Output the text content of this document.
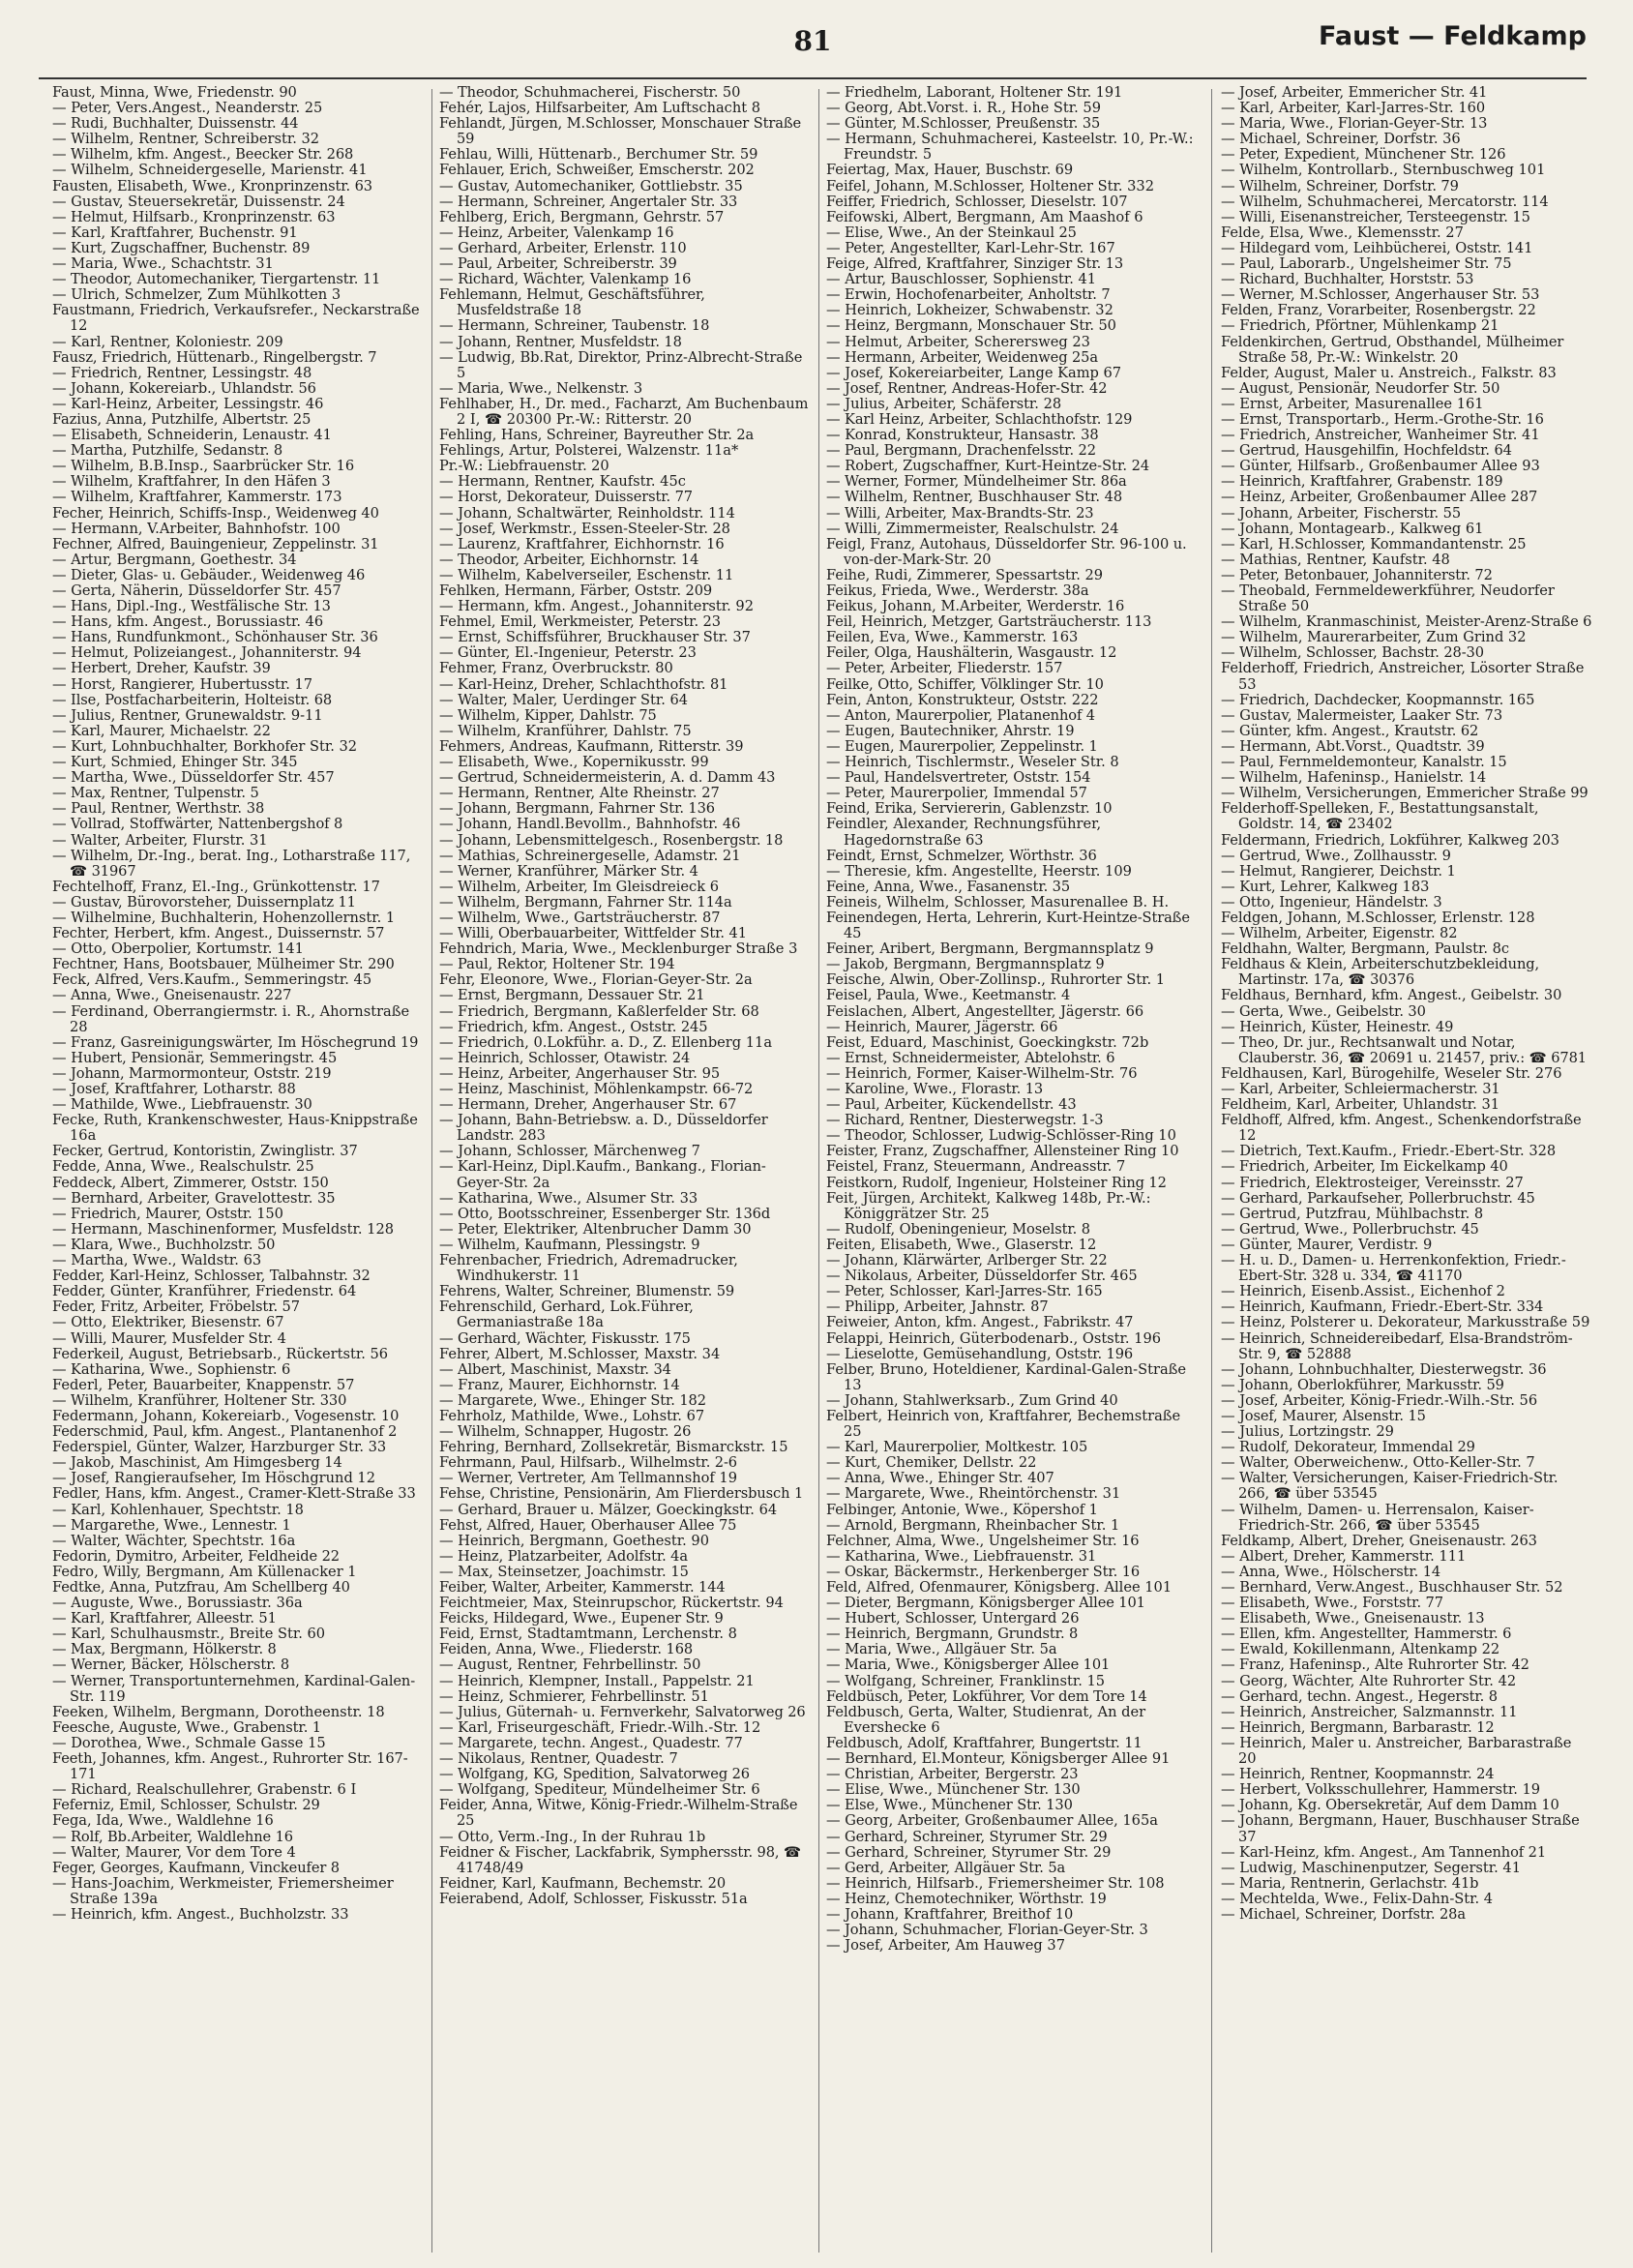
81	Faust — Feldkamp
Faust, Minna, Wwe, Friedenstr. 90
— Peter, Vers.Angest., Neanderstr. 25
— Rudi, Buchhalter, Duissenstr. 44
— Wilhelm, Rentner, Schreiberstr. 32
— Wilhelm, kfm. Angest., Beecker Str. 268
— Wilhelm, Schneidergeselle, Marienstr. 41
Fausten, Elisabeth, Wwe., Kronprinzenstr. 63
— Gustav, Steuersekretär, Duissenstr. 24
— Helmut, Hilfsarb., Kronprinzenstr. 63
— Karl, Kraftfahrer, Buchenstr. 91
— Kurt, Zugschaffner, Buchenstr. 89
— Maria, Wwe., Schachtstr. 31
— Theodor, Automechaniker, Tiergartenstr. 11
— Ulrich, Schmelzer, Zum Mühlkotten 3
Faustmann, Friedrich, Verkaufsrefer., Neckarstraße 12
— Karl, Rentner, Koloniestr. 209
Fausz, Friedrich, Hüttenarb., Ringelbergstr. 7
— Friedrich, Rentner, Lessingstr. 48
— Johann, Kokereiarb., Uhlandstr. 56
— Karl-Heinz, Arbeiter, Lessingstr. 46
Fazius, Anna, Putzhilfe, Albertstr. 25
— Elisabeth, Schneiderin, Lenaustr. 41
— Martha, Putzhilfe, Sedanstr. 8
— Wilhelm, B.B.Insp., Saarbrücker Str. 16
— Wilhelm, Kraftfahrer, In den Häfen 3
— Wilhelm, Kraftfahrer, Kammerstr. 173
Fecher, Heinrich, Schiffs-Insp., Weidenweg 40
— Hermann, V.Arbeiter, Bahnhofstr. 100
Fechner, Alfred, Bauingenieur, Zeppelinstr. 31
— Artur, Bergmann, Goethestr. 34
— Dieter, Glas- u. Gebäuder., Weidenweg 46
— Gerta, Näherin, Düsseldorfer Str. 457
— Hans, Dipl.-Ing., Westfälische Str. 13
— Hans, kfm. Angest., Borussiastr. 46
— Hans, Rundfunkmont., Schönhauser Str. 36
— Helmut, Polizeiangest., Johanniterstr. 94
— Herbert, Dreher, Kaufstr. 39
— Horst, Rangierer, Hubertusstr. 17
— Ilse, Postfacharbeiterin, Holteistr. 68
— Julius, Rentner, Grunewaldstr. 9-11
— Karl, Maurer, Michaelstr. 22
— Kurt, Lohnbuchhalter, Borkhofer Str. 32
— Kurt, Schmied, Ehinger Str. 345
— Martha, Wwe., Düsseldorfer Str. 457
— Max, Rentner, Tulpenstr. 5
— Paul, Rentner, Werthstr. 38
— Vollrad, Stoffwärter, Nattenbergshof 8
— Walter, Arbeiter, Flurstr. 31
— Wilhelm, Dr.-Ing., berat. Ing., Lotharstraße 117, ☎ 31967
Fechtelhoff, Franz, El.-Ing., Grünkottenstr. 17
— Gustav, Bürovorsteher, Duissernplatz 11
— Wilhelmine, Buchhalterin, Hohenzollernstr. 1
Fechter, Herbert, kfm. Angest., Duissernstr. 57
— Otto, Oberpolier, Kortumstr. 141
Fechtner, Hans, Bootsbauer, Mülheimer Str. 290
Feck, Alfred, Vers.Kaufm., Semmeringstr. 45
— Anna, Wwe., Gneisenaustr. 227
— Ferdinand, Oberrangiermstr. i. R., Ahornstraße 28
— Franz, Gasreinigungswärter, Im Höschegrund 19
— Hubert, Pensionär, Semmeringstr. 45
— Johann, Marmormonteur, Oststr. 219
— Josef, Kraftfahrer, Lotharstr. 88
— Mathilde, Wwe., Liebfrauenstr. 30
Fecke, Ruth, Krankenschwester, Haus-Knippstraße 16a
Fecker, Gertrud, Kontoristin, Zwinglistr. 37
Fedde, Anna, Wwe., Realschulstr. 25
Feddeck, Albert, Zimmerer, Oststr. 150
— Bernhard, Arbeiter, Gravelottestr. 35
— Friedrich, Maurer, Oststr. 150
— Hermann, Maschinenformer, Musfeldstr. 128
— Klara, Wwe., Buchholzstr. 50
— Martha, Wwe., Waldstr. 63
Fedder, Karl-Heinz, Schlosser, Talbahnstr. 32
Fedder, Günter, Kranführer, Friedenstr. 64
Feder, Fritz, Arbeiter, Fröbelstr. 57
— Otto, Elektriker, Biesenstr. 67
— Willi, Maurer, Musfelder Str. 4
Federkeil, August, Betriebsarb., Rückertstr. 56
— Katharina, Wwe., Sophienstr. 6
Federl, Peter, Bauarbeiter, Knappenstr. 57
— Wilhelm, Kranführer, Holtener Str. 330
Federmann, Johann, Kokereiarb., Vogesenstr. 10
Federschmid, Paul, kfm. Angest., Plantanenhof 2
Federspiel, Günter, Walzer, Harzburger Str. 33
— Jakob, Maschinist, Am Himgesberg 14
— Josef, Rangieraufseher, Im Höschgrund 12
Fedler, Hans, kfm. Angest., Cramer-Klett-Straße 33
— Karl, Kohlenhauer, Spechtstr. 18
— Margarethe, Wwe., Lennestr. 1
— Walter, Wächter, Spechtstr. 16a
Fedorin, Dymitro, Arbeiter, Feldheide 22
Fedro, Willy, Bergmann, Am Küllenacker 1
Fedtke, Anna, Putzfrau, Am Schellberg 40
— Auguste, Wwe., Borussiastr. 36a
— Karl, Kraftfahrer, Alleestr. 51
— Karl, Schulhausmstr., Breite Str. 60
— Max, Bergmann, Hölkerstr. 8
— Werner, Bäcker, Hölscherstr. 8
— Werner, Transportunternehmen, Kardinal-Galen-Str. 119
Feeken, Wilhelm, Bergmann, Dorotheenstr. 18
Feesche, Auguste, Wwe., Grabenstr. 1
— Dorothea, Wwe., Schmale Gasse 15
Feeth, Johannes, kfm. Angest., Ruhrorter Str. 167-171
— Richard, Realschullehrer, Grabenstr. 6 I
Feferniz, Emil, Schlosser, Schulstr. 29
Fega, Ida, Wwe., Waldlehne 16
— Rolf, Bb.Arbeiter, Waldlehne 16
— Walter, Maurer, Vor dem Tore 4
Feger, Georges, Kaufmann, Vinckeufer 8
— Hans-Joachim, Werkmeister, Friemersheimer Straße 139a
— Heinrich, kfm. Angest., Buchholzstr. 33
— Theodor, Schuhmacherei, Fischerstr. 50
Fehér, Lajos, Hilfsarbeiter, Am Luftschacht 8
Fehlandt, Jürgen, M.Schlosser, Monschauer Straße 59
Fehlau, Willi, Hüttenarb., Berchumer Str. 59
Fehlauer, Erich, Schweißer, Emscherstr. 202
— Gustav, Automechaniker, Gottliebstr. 35
— Hermann, Schreiner, Angertaler Str. 33
Fehlberg, Erich, Bergmann, Gehrstr. 57
— Heinz, Arbeiter, Valenkamp 16
— Gerhard, Arbeiter, Erlenstr. 110
— Paul, Arbeiter, Schreiberstr. 39
— Richard, Wächter, Valenkamp 16
Fehlemann, Helmut, Geschäftsführer, Musfeldstraße 18
— Hermann, Schreiner, Taubenstr. 18
— Johann, Rentner, Musfeldstr. 18
— Ludwig, Bb.Rat, Direktor, Prinz-Albrecht-Straße 5
— Maria, Wwe., Nelkenstr. 3
Fehlhaber, H., Dr. med., Facharzt, Am Buchenbaum 2 I, ☎ 20300 Pr.-W.: Ritterstr. 20
Fehling, Hans, Schreiner, Bayreuther Str. 2a
Fehlings, Artur, Polsterei, Walzenstr. 11a*
Pr.-W.: Liebfrauenstr. 20
— Hermann, Rentner, Kaufstr. 45c
— Horst, Dekorateur, Duisserstr. 77
— Johann, Schaltwärter, Reinholdstr. 114
— Josef, Werkmstr., Essen-Steeler-Str. 28
— Laurenz, Kraftfahrer, Eichhornstr. 16
— Theodor, Arbeiter, Eichhornstr. 14
— Wilhelm, Kabelverseiler, Eschenstr. 11
Fehlken, Hermann, Färber, Oststr. 209
— Hermann, kfm. Angest., Johanniterstr. 92
Fehmel, Emil, Werkmeister, Peterstr. 23
— Ernst, Schiffsführer, Bruckhauser Str. 37
— Günter, El.-Ingenieur, Peterstr. 23
Fehmer, Franz, Overbruckstr. 80
— Karl-Heinz, Dreher, Schlachthofstr. 81
— Walter, Maler, Uerdinger Str. 64
— Wilhelm, Kipper, Dahlstr. 75
— Wilhelm, Kranführer, Dahlstr. 75
Fehmers, Andreas, Kaufmann, Ritterstr. 39
— Elisabeth, Wwe., Kopernikusstr. 99
— Gertrud, Schneidermeisterin, A. d. Damm 43
— Hermann, Rentner, Alte Rheinstr. 27
— Johann, Bergmann, Fahrner Str. 136
— Johann, Handl.Bevollm., Bahnhofstr. 46
— Johann, Lebensmittelgesch., Rosenbergstr. 18
— Mathias, Schreinergeselle, Adamstr. 21
— Werner, Kranführer, Märker Str. 4
— Wilhelm, Arbeiter, Im Gleisdreieck 6
— Wilhelm, Bergmann, Fahrner Str. 114a
— Wilhelm, Wwe., Gartsträucherstr. 87
— Willi, Oberbauarbeiter, Wittfelder Str. 41
Fehndrich, Maria, Wwe., Mecklenburger Straße 3
— Paul, Rektor, Holtener Str. 194
Fehr, Eleonore, Wwe., Florian-Geyer-Str. 2a
— Ernst, Bergmann, Dessauer Str. 21
— Friedrich, Bergmann, Kaßlerfelder Str. 68
— Friedrich, kfm. Angest., Oststr. 245
— Friedrich, 0.Lokführ. a. D., Z. Ellenberg 11a
— Heinrich, Schlosser, Otawistr. 24
— Heinz, Arbeiter, Angerhauser Str. 95
— Heinz, Maschinist, Möhlenkampstr. 66-72
— Hermann, Dreher, Angerhauser Str. 67
— Johann, Bahn-Betriebsw. a. D., Düsseldorfer Landstr. 283
— Johann, Schlosser, Märchenweg 7
— Karl-Heinz, Dipl.Kaufm., Bankang., Florian-Geyer-Str. 2a
— Katharina, Wwe., Alsumer Str. 33
— Otto, Bootsschreiner, Essenberger Str. 136d
— Peter, Elektriker, Altenbrucher Damm 30
— Wilhelm, Kaufmann, Plessingstr. 9
Fehrenbacher, Friedrich, Adremadrucker, Windhukerstr. 11
Fehrens, Walter, Schreiner, Blumenstr. 59
Fehrenschild, Gerhard, Lok.Führer, Germaniastraße 18a
— Gerhard, Wächter, Fiskusstr. 175
Fehrer, Albert, M.Schlosser, Maxstr. 34
— Albert, Maschinist, Maxstr. 34
— Franz, Maurer, Eichhornstr. 14
— Margarete, Wwe., Ehinger Str. 182
Fehrholz, Mathilde, Wwe., Lohstr. 67
— Wilhelm, Schnapper, Hugostr. 26
Fehring, Bernhard, Zollsekretär, Bismarckstr. 15
Fehrmann, Paul, Hilfsarb., Wilhelmstr. 2-6
— Werner, Vertreter, Am Tellmannshof 19
Fehse, Christine, Pensionärin, Am Flierdersbusch 1
— Gerhard, Brauer u. Mälzer, Goeckingkstr. 64
Fehst, Alfred, Hauer, Oberhauser Allee 75
— Heinrich, Bergmann, Goethestr. 90
— Heinz, Platzarbeiter, Adolfstr. 4a
— Max, Steinsetzer, Joachimstr. 15
Feiber, Walter, Arbeiter, Kammerstr. 144
Feichtmeier, Max, Steinrupschor, Rückertstr. 94
Feicks, Hildegard, Wwe., Eupener Str. 9
Feid, Ernst, Stadtamtmann, Lerchenstr. 8
Feiden, Anna, Wwe., Fliederstr. 168
— August, Rentner, Fehrbellinstr. 50
— Heinrich, Klempner, Install., Pappelstr. 21
— Heinz, Schmierer, Fehrbellinstr. 51
— Julius, Güternah- u. Fernverkehr, Salvatorweg 26
— Karl, Friseurgeschäft, Friedr.-Wilh.-Str. 12
— Margarete, techn. Angest., Quadestr. 77
— Nikolaus, Rentner, Quadestr. 7
— Wolfgang, KG, Spedition, Salvatorweg 26
— Wolfgang, Spediteur, Mündelheimer Str. 6
Feider, Anna, Witwe, König-Friedr.-Wilhelm-Straße 25
— Otto, Verm.-Ing., In der Ruhrau 1b
Feidner & Fischer, Lackfabrik, Symphersstr. 98, ☎ 41748/49
Feidner, Karl, Kaufmann, Bechemstr. 20
Feierabend, Adolf, Schlosser, Fiskusstr. 51a
— Friedhelm, Laborant, Holtener Str. 191
— Georg, Abt.Vorst. i. R., Hohe Str. 59
— Günter, M.Schlosser, Preußenstr. 35
— Hermann, Schuhmacherei, Kasteelstr. 10, Pr.-W.: Freundstr. 5
Feiertag, Max, Hauer, Buschstr. 69
Feifel, Johann, M.Schlosser, Holtener Str. 332
Feiffer, Friedrich, Schlosser, Dieselstr. 107
Feifowski, Albert, Bergmann, Am Maashof 6
— Elise, Wwe., An der Steinkaul 25
— Peter, Angestellter, Karl-Lehr-Str. 167
Feige, Alfred, Kraftfahrer, Sinziger Str. 13
— Artur, Bauschlosser, Sophienstr. 41
— Erwin, Hochofenarbeiter, Anholtstr. 7
— Heinrich, Lokheizer, Schwabenstr. 32
— Heinz, Bergmann, Monschauer Str. 50
— Helmut, Arbeiter, Scherersweg 23
— Hermann, Arbeiter, Weidenweg 25a
— Josef, Kokereiarbeiter, Lange Kamp 67
— Josef, Rentner, Andreas-Hofer-Str. 42
— Julius, Arbeiter, Schäferstr. 28
— Karl Heinz, Arbeiter, Schlachthofstr. 129
— Konrad, Konstrukteur, Hansastr. 38
— Paul, Bergmann, Drachenfelsstr. 22
— Robert, Zugschaffner, Kurt-Heintze-Str. 24
— Werner, Former, Mündelheimer Str. 86a
— Wilhelm, Rentner, Buschhauser Str. 48
— Willi, Arbeiter, Max-Brandts-Str. 23
— Willi, Zimmermeister, Realschulstr. 24
Feigl, Franz, Autohaus, Düsseldorfer Str. 96-100 u. von-der-Mark-Str. 20
Feihe, Rudi, Zimmerer, Spessartstr. 29
Feikus, Frieda, Wwe., Werderstr. 38a
Feikus, Johann, M.Arbeiter, Werderstr. 16
Feil, Heinrich, Metzger, Gartsträucherstr. 113
Feilen, Eva, Wwe., Kammerstr. 163
Feiler, Olga, Haushälterin, Wasgaustr. 12
— Peter, Arbeiter, Fliederstr. 157
Feilke, Otto, Schiffer, Völklinger Str. 10
Fein, Anton, Konstrukteur, Oststr. 222
— Anton, Maurerpolier, Platanenhof 4
— Eugen, Bautechniker, Ahrstr. 19
— Eugen, Maurerpolier, Zeppelinstr. 1
— Heinrich, Tischlermstr., Weseler Str. 8
— Paul, Handelsvertreter, Oststr. 154
— Peter, Maurerpolier, Immendal 57
Feind, Erika, Serviererin, Gablenzstr. 10
Feindler, Alexander, Rechnungsführer, Hagedornstraße 63
Feindt, Ernst, Schmelzer, Wörthstr. 36
— Theresie, kfm. Angestellte, Heerstr. 109
Feine, Anna, Wwe., Fasanenstr. 35
Feineis, Wilhelm, Schlosser, Masurenallee B. H.
Feinendegen, Herta, Lehrerin, Kurt-Heintze-Straße 45
Feiner, Aribert, Bergmann, Bergmannsplatz 9
— Jakob, Bergmann, Bergmannsplatz 9
Feische, Alwin, Ober-Zollinsp., Ruhrorter Str. 1
Feisel, Paula, Wwe., Keetmanstr. 4
Feislachen, Albert, Angestellter, Jägerstr. 66
— Heinrich, Maurer, Jägerstr. 66
Feist, Eduard, Maschinist, Goeckingkstr. 72b
— Ernst, Schneidermeister, Abtelohstr. 6
— Heinrich, Former, Kaiser-Wilhelm-Str. 76
— Karoline, Wwe., Florastr. 13
— Paul, Arbeiter, Kückendellstr. 43
— Richard, Rentner, Diesterwegstr. 1-3
— Theodor, Schlosser, Ludwig-Schlösser-Ring 10
Feister, Franz, Zugschaffner, Allensteiner Ring 10
Feistel, Franz, Steuermann, Andreasstr. 7
Feistkorn, Rudolf, Ingenieur, Holsteiner Ring 12
Feit, Jürgen, Architekt, Kalkweg 148b, Pr.-W.: Königgrätzer Str. 25
— Rudolf, Obeningenieur, Moselstr. 8
Feiten, Elisabeth, Wwe., Glaserstr. 12
— Johann, Klärwärter, Arlberger Str. 22
— Nikolaus, Arbeiter, Düsseldorfer Str. 465
— Peter, Schlosser, Karl-Jarres-Str. 165
— Philipp, Arbeiter, Jahnstr. 87
Feiweier, Anton, kfm. Angest., Fabrikstr. 47
Felappi, Heinrich, Güterbodenarb., Oststr. 196
— Lieselotte, Gemüsehandlung, Oststr. 196
Felber, Bruno, Hoteldiener, Kardinal-Galen-Straße 13
— Johann, Stahlwerksarb., Zum Grind 40
Felbert, Heinrich von, Kraftfahrer, Bechemstraße 25
— Karl, Maurerpolier, Moltkestr. 105
— Kurt, Chemiker, Dellstr. 22
— Anna, Wwe., Ehinger Str. 407
— Margarete, Wwe., Rheintörchenstr. 31
Felbinger, Antonie, Wwe., Köpershof 1
— Arnold, Bergmann, Rheinbacher Str. 1
Felchner, Alma, Wwe., Ungelsheimer Str. 16
— Katharina, Wwe., Liebfrauenstr. 31
— Oskar, Bäckermstr., Herkenberger Str. 16
Feld, Alfred, Ofenmaurer, Königsberg. Allee 101
— Dieter, Bergmann, Königsberger Allee 101
— Hubert, Schlosser, Untergard 26
— Heinrich, Bergmann, Grundstr. 8
— Maria, Wwe., Allgäuer Str. 5a
— Maria, Wwe., Königsberger Allee 101
— Wolfgang, Schreiner, Franklinstr. 15
Feldbüsch, Peter, Lokführer, Vor dem Tore 14
Feldbusch, Gerta, Walter, Studienrat, An der Eversheckе 6
Feldbusch, Adolf, Kraftfahrer, Bungertstr. 11
— Bernhard, El.Monteur, Königsberger Allee 91
— Christian, Arbeiter, Bergerstr. 23
— Elise, Wwe., Münchener Str. 130
— Else, Wwe., Münchener Str. 130
— Georg, Arbeiter, Großenbaumer Allee, 165a
— Gerhard, Schreiner, Styrumer Str. 29
— Gerhard, Schreiner, Styrumer Str. 29
— Gerd, Arbeiter, Allgäuer Str. 5a
— Heinrich, Hilfsarb., Friemersheimer Str. 108
— Heinz, Chemotechniker, Wörthstr. 19
— Johann, Kraftfahrer, Breithof 10
— Johann, Schuhmacher, Florian-Geyer-Str. 3
— Josef, Arbeiter, Am Hauweg 37
— Josef, Arbeiter, Emmericher Str. 41
— Karl, Arbeiter, Karl-Jarres-Str. 160
— Maria, Wwe., Florian-Geyer-Str. 13
— Michael, Schreiner, Dorfstr. 36
— Peter, Expedient, Münchener Str. 126
— Wilhelm, Kontrollarb., Sternbuschweg 101
— Wilhelm, Schreiner, Dorfstr. 79
— Wilhelm, Schuhmacherei, Mercatorstr. 114
— Willi, Eisenanstreicher, Tersteegenstr. 15
Felde, Elsa, Wwe., Klemensstr. 27
— Hildegard vom, Leihbücherei, Oststr. 141
— Paul, Laborarb., Ungelsheimer Str. 75
— Richard, Buchhalter, Horststr. 53
— Werner, M.Schlosser, Angerhauser Str. 53
Felden, Franz, Vorarbeiter, Rosenbergstr. 22
— Friedrich, Pförtner, Mühlenkamp 21
Feldenkirchen, Gertrud, Obsthandel, Mülheimer Straße 58, Pr.-W.: Winkelstr. 20
Felder, August, Maler u. Anstreich., Falkstr. 83
— August, Pensionär, Neudorfer Str. 50
— Ernst, Arbeiter, Masurenallee 161
— Ernst, Transportarb., Herm.-Grothe-Str. 16
— Friedrich, Anstreicher, Wanheimer Str. 41
— Gertrud, Hausgehilfin, Hochfeldstr. 64
— Günter, Hilfsarb., Großenbaumer Allee 93
— Heinrich, Kraftfahrer, Grabenstr. 189
— Heinz, Arbeiter, Großenbaumer Allee 287
— Johann, Arbeiter, Fischerstr. 55
— Johann, Montagearb., Kalkweg 61
— Karl, H.Schlosser, Kommandantenstr. 25
— Mathias, Rentner, Kaufstr. 48
— Peter, Betonbauer, Johanniterstr. 72
— Theobald, Fernmeldewerkführer, Neudorfer Straße 50
— Wilhelm, Kranmaschinist, Meister-Arenz-Straße 6
— Wilhelm, Maurerarbeiter, Zum Grind 32
— Wilhelm, Schlosser, Bachstr. 28-30
Felderhoff, Friedrich, Anstreicher, Lösorter Straße 53
— Friedrich, Dachdecker, Koopmannstr. 165
— Gustav, Malermeister, Laaker Str. 73
— Günter, kfm. Angest., Krautstr. 62
— Hermann, Abt.Vorst., Quadtstr. 39
— Paul, Fernmeldemonteur, Kanalstr. 15
— Wilhelm, Hafeninsp., Hanielstr. 14
— Wilhelm, Versicherungen, Emmericher Straße 99
Felderhoff-Spelleken, F., Bestattungsanstalt, Goldstr. 14, ☎ 23402
Feldermann, Friedrich, Lokführer, Kalkweg 203
— Gertrud, Wwe., Zollhausstr. 9
— Helmut, Rangierer, Deichstr. 1
— Kurt, Lehrer, Kalkweg 183
— Otto, Ingenieur, Händelstr. 3
Feldgen, Johann, M.Schlosser, Erlenstr. 128
— Wilhelm, Arbeiter, Eigenstr. 82
Feldhahn, Walter, Bergmann, Paulstr. 8c
Feldhaus & Klein, Arbeiterschutzbekleidung, Martinstr. 17a, ☎ 30376
Feldhaus, Bernhard, kfm. Angest., Geibelstr. 30
— Gerta, Wwe., Geibelstr. 30
— Heinrich, Küster, Heinestr. 49
— Theo, Dr. jur., Rechtsanwalt und Notar, Clauberstr. 36, ☎ 20691 u. 21457, priv.: ☎ 6781
Feldhausen, Karl, Bürogehilfe, Weseler Str. 276
— Karl, Arbeiter, Schleiermacherstr. 31
Feldheim, Karl, Arbeiter, Uhlandstr. 31
Feldhoff, Alfred, kfm. Angest., Schenkendorfstraße 12
— Dietrich, Text.Kaufm., Friedr.-Ebert-Str. 328
— Friedrich, Arbeiter, Im Eickelkamp 40
— Friedrich, Elektrosteiger, Vereinsstr. 27
— Gerhard, Parkaufseher, Pollerbruchstr. 45
— Gertrud, Putzfrau, Mühlbachstr. 8
— Gertrud, Wwe., Pollerbruchstr. 45
— Günter, Maurer, Verdistr. 9
— H. u. D., Damen- u. Herrenkonfektion, Friedr.-Ebert-Str. 328 u. 334, ☎ 41170
— Heinrich, Eisenb.Assist., Eichenhof 2
— Heinrich, Kaufmann, Friedr.-Ebert-Str. 334
— Heinz, Polsterer u. Dekorateur, Markusstraße 59
— Heinrich, Schneidereibedarf, Elsa-Brandström-Str. 9, ☎ 52888
— Johann, Lohnbuchhalter, Diesterwegstr. 36
— Johann, Oberlokführer, Markusstr. 59
— Josef, Arbeiter, König-Friedr.-Wilh.-Str. 56
— Josef, Maurer, Alsenstr. 15
— Julius, Lortzingstr. 29
— Rudolf, Dekorateur, Immendal 29
— Walter, Oberweichenw., Otto-Keller-Str. 7
— Walter, Versicherungen, Kaiser-Friedrich-Str. 266, ☎ über 53545
— Wilhelm, Damen- u. Herrensalon, Kaiser-Friedrich-Str. 266, ☎ über 53545
Feldkamp, Albert, Dreher, Gneisenaustr. 263
— Albert, Dreher, Kammerstr. 111
— Anna, Wwe., Hölscherstr. 14
— Bernhard, Verw.Angest., Buschhauser Str. 52
— Elisabeth, Wwe., Forststr. 77
— Elisabeth, Wwe., Gneisenaustr. 13
— Ellen, kfm. Angestellter, Hammerstr. 6
— Ewald, Kokillenmann, Altenkamp 22
— Franz, Hafeninsp., Alte Ruhrorter Str. 42
— Georg, Wächter, Alte Ruhrorter Str. 42
— Gerhard, techn. Angest., Hegerstr. 8
— Heinrich, Anstreicher, Salzmannstr. 11
— Heinrich, Bergmann, Barbarastr. 12
— Heinrich, Maler u. Anstreicher, Barbarastraße 20
— Heinrich, Rentner, Koopmannstr. 24
— Herbert, Volksschullehrer, Hammerstr. 19
— Johann, Kg. Obersekretär, Auf dem Damm 10
— Johann, Bergmann, Hauer, Buschhauser Straße 37
— Karl-Heinz, kfm. Angest., Am Tannenhof 21
— Ludwig, Maschinenputzer, Segerstr. 41
— Maria, Rentnerin, Gerlachstr. 41b
— Mechtelda, Wwe., Felix-Dahn-Str. 4
— Michael, Schreiner, Dorfstr. 28a
